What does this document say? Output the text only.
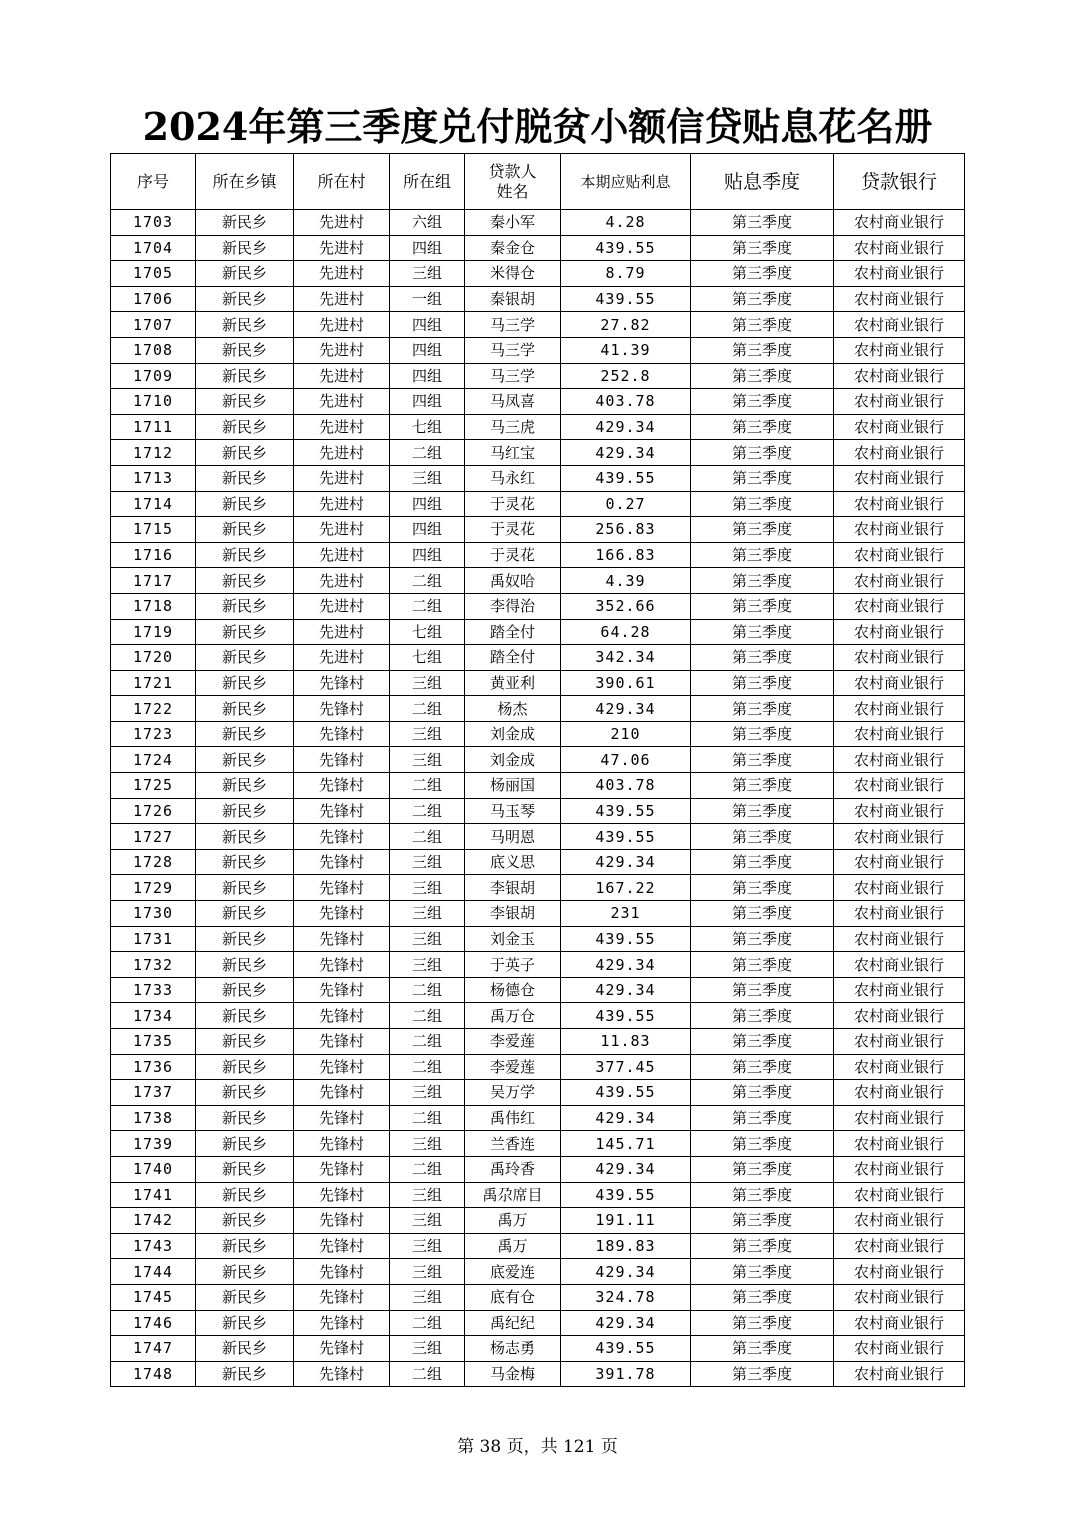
2024年第三季度兑付脱贫小额信贷贴息花名册
序号	所在乡镇	所在村	所在组	贷款人姓名	本期应贴利息	贴息季度	贷款银行
1703	新民乡	先进村	六组	秦小军	4.28	第三季度	农村商业银行
1704	新民乡	先进村	四组	秦金仓	439.55	第三季度	农村商业银行
1705	新民乡	先进村	三组	米得仓	8.79	第三季度	农村商业银行
1706	新民乡	先进村	一组	秦银胡	439.55	第三季度	农村商业银行
1707	新民乡	先进村	四组	马三学	27.82	第三季度	农村商业银行
1708	新民乡	先进村	四组	马三学	41.39	第三季度	农村商业银行
1709	新民乡	先进村	四组	马三学	252.8	第三季度	农村商业银行
1710	新民乡	先进村	四组	马凤喜	403.78	第三季度	农村商业银行
1711	新民乡	先进村	七组	马三虎	429.34	第三季度	农村商业银行
1712	新民乡	先进村	二组	马红宝	429.34	第三季度	农村商业银行
1713	新民乡	先进村	三组	马永红	439.55	第三季度	农村商业银行
1714	新民乡	先进村	四组	于灵花	0.27	第三季度	农村商业银行
1715	新民乡	先进村	四组	于灵花	256.83	第三季度	农村商业银行
1716	新民乡	先进村	四组	于灵花	166.83	第三季度	农村商业银行
1717	新民乡	先进村	二组	禹奴哈	4.39	第三季度	农村商业银行
1718	新民乡	先进村	二组	李得治	352.66	第三季度	农村商业银行
1719	新民乡	先进村	七组	踏全付	64.28	第三季度	农村商业银行
1720	新民乡	先进村	七组	踏全付	342.34	第三季度	农村商业银行
1721	新民乡	先锋村	三组	黄亚利	390.61	第三季度	农村商业银行
1722	新民乡	先锋村	二组	杨杰	429.34	第三季度	农村商业银行
1723	新民乡	先锋村	三组	刘金成	210	第三季度	农村商业银行
1724	新民乡	先锋村	三组	刘金成	47.06	第三季度	农村商业银行
1725	新民乡	先锋村	二组	杨丽国	403.78	第三季度	农村商业银行
1726	新民乡	先锋村	二组	马玉琴	439.55	第三季度	农村商业银行
1727	新民乡	先锋村	二组	马明恩	439.55	第三季度	农村商业银行
1728	新民乡	先锋村	三组	底义思	429.34	第三季度	农村商业银行
1729	新民乡	先锋村	三组	李银胡	167.22	第三季度	农村商业银行
1730	新民乡	先锋村	三组	李银胡	231	第三季度	农村商业银行
1731	新民乡	先锋村	三组	刘金玉	439.55	第三季度	农村商业银行
1732	新民乡	先锋村	三组	于英子	429.34	第三季度	农村商业银行
1733	新民乡	先锋村	二组	杨德仓	429.34	第三季度	农村商业银行
1734	新民乡	先锋村	二组	禹万仓	439.55	第三季度	农村商业银行
1735	新民乡	先锋村	二组	李爱莲	11.83	第三季度	农村商业银行
1736	新民乡	先锋村	二组	李爱莲	377.45	第三季度	农村商业银行
1737	新民乡	先锋村	三组	吴万学	439.55	第三季度	农村商业银行
1738	新民乡	先锋村	二组	禹伟红	429.34	第三季度	农村商业银行
1739	新民乡	先锋村	三组	兰香连	145.71	第三季度	农村商业银行
1740	新民乡	先锋村	二组	禹玲香	429.34	第三季度	农村商业银行
1741	新民乡	先锋村	三组	禹尕席目	439.55	第三季度	农村商业银行
1742	新民乡	先锋村	三组	禹万	191.11	第三季度	农村商业银行
1743	新民乡	先锋村	三组	禹万	189.83	第三季度	农村商业银行
1744	新民乡	先锋村	三组	底爱连	429.34	第三季度	农村商业银行
1745	新民乡	先锋村	三组	底有仓	324.78	第三季度	农村商业银行
1746	新民乡	先锋村	二组	禹纪纪	429.34	第三季度	农村商业银行
1747	新民乡	先锋村	三组	杨志勇	439.55	第三季度	农村商业银行
1748	新民乡	先锋村	二组	马金梅	391.78	第三季度	农村商业银行
第 38 页，共 121 页
